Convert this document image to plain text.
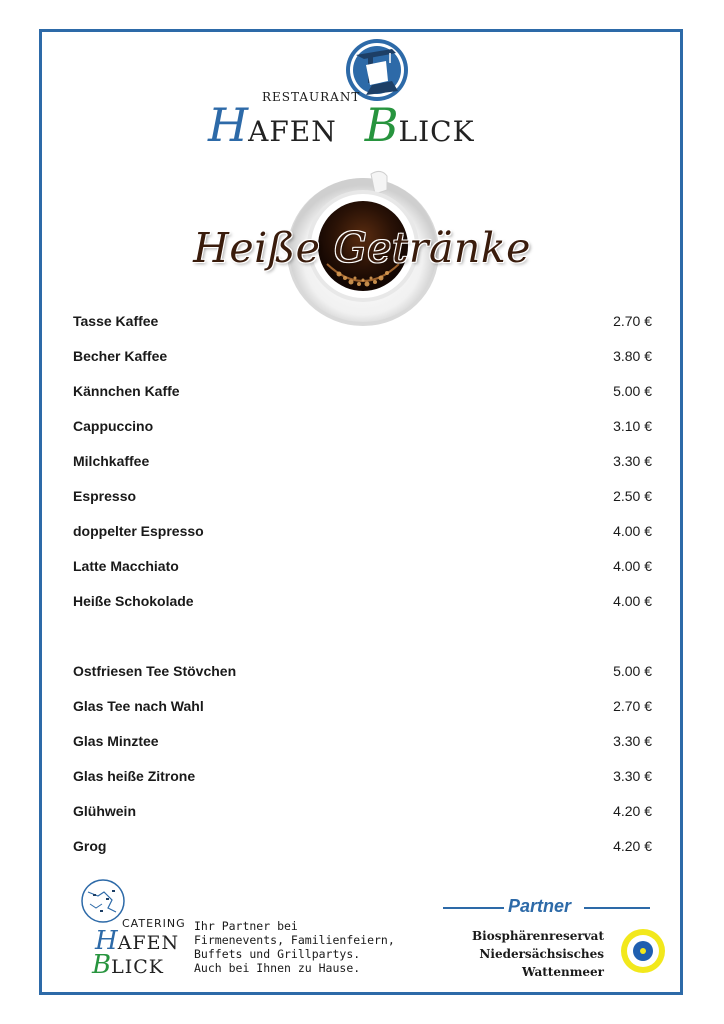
RESTAURANT
HAFEN BLICK
Heiße Getränke
Tasse Kaffee	2.70 €
Becher Kaffee	3.80 €
Kännchen Kaffe	5.00 €
Cappuccino	3.10 €
Milchkaffee	3.30 €
Espresso	2.50 €
doppelter Espresso	4.00 €
Latte Macchiato	4.00 €
Heiße Schokolade	4.00 €
Ostfriesen Tee Stövchen	5.00 €
Glas Tee nach Wahl	2.70 €
Glas Minztee	3.30 €
Glas heiße Zitrone	3.30 €
Glühwein	4.20 €
Grog	4.20 €
CATERING
HAFEN
BLICK
Ihr Partner bei
Firmenevents, Familienfeiern,
Buffets und Grillpartys.
Auch bei Ihnen zu Hause.
Partner
Biosphärenreservat
Niedersächsisches
Wattenmeer
